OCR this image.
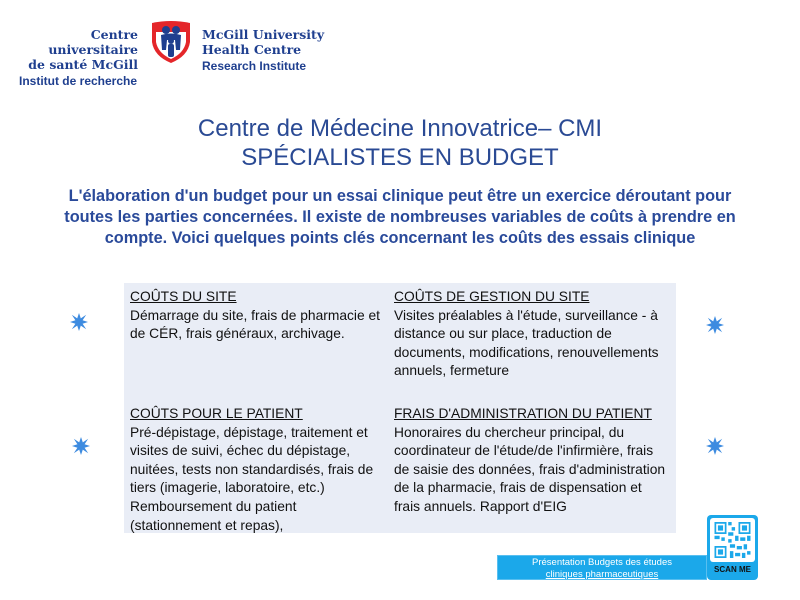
Centre universitaire
de santé McGill
Institut de recherche
McGill University
Health Centre
Research Institute
Centre de Médecine Innovatrice– CMI
SPÉCIALISTES EN BUDGET
L'élaboration d'un budget pour un essai clinique peut être un exercice déroutant pour toutes les parties concernées. Il existe de nombreuses variables de coûts à prendre en compte. Voici quelques points clés concernant les coûts des essais clinique
COÛTS DU SITE

Démarrage du site, frais de pharmacie et de CÉR, frais généraux, archivage.

COÛTS DE GESTION DU SITE

Visites préalables à l'étude, surveillance - à distance ou sur place, traduction de documents, modifications, renouvellements annuels, fermeture

COÛTS POUR LE PATIENT

Pré-dépistage, dépistage, traitement et visites de suivi, échec du dépistage, nuitées, tests non standardisés, frais de tiers (imagerie, laboratoire, etc.) Remboursement du patient (stationnement et repas),

FRAIS D'ADMINISTRATION DU PATIENT

Honoraires du chercheur principal, du coordinateur de l'étude/de l'infirmière, frais de saisie des données, frais d'administration de la pharmacie, frais de dispensation et frais annuels. Rapport d'EIG

Présentation Budgets des études
cliniques pharmaceutiques	SCAN ME
